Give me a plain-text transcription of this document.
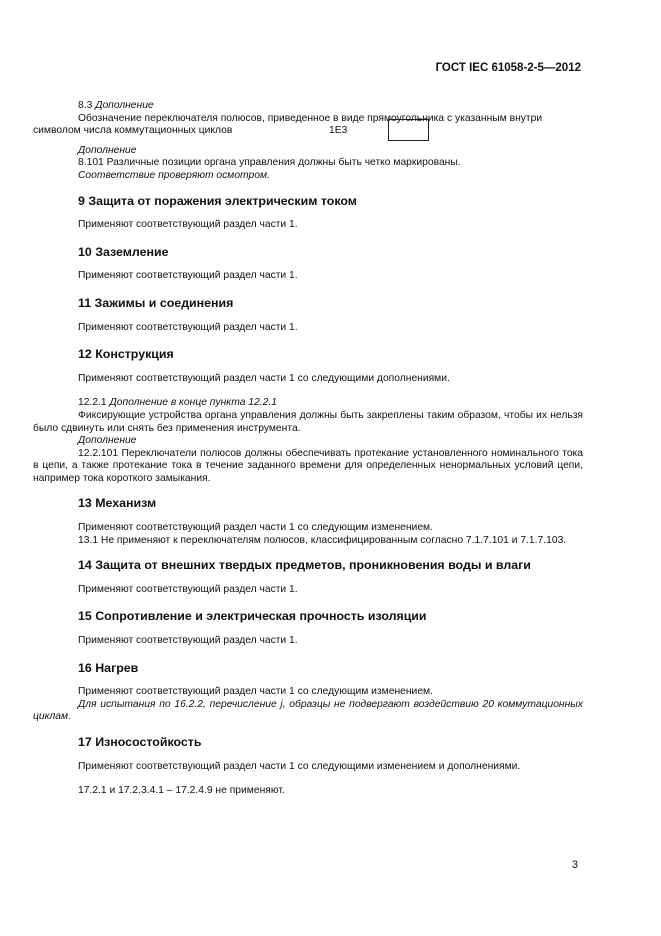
ГОСТ IEC 61058-2-5—2012

8.3 Дополнение

Обозначение переключателя полюсов, приведенное в виде прямоугольника с указанным внутри

символом числа коммутационных циклов	1Е3

Дополнение

8.101 Различные позиции органа управления должны быть четко маркированы.

Соответствие проверяют осмотром.

9 Защита от поражения электрическим током

Применяют соответствующий раздел части 1.

10 Заземление

Применяют соответствующий раздел части 1.

11 Зажимы и соединения

Применяют соответствующий раздел части 1.

12 Конструкция

Применяют соответствующий раздел части 1 со следующими дополнениями.

12.2.1 Дополнение в конце пункта 12.2.1

Фиксирующие устройства органа управления должны быть закреплены таким образом, чтобы их нельзя было сдвинуть или снять без применения инструмента.

Дополнение

12.2.101 Переключатели полюсов должны обеспечивать протекание установленного номинального тока в цепи, а также протекание тока в течение заданного времени для определенных ненормальных условий цепи, например тока короткого замыкания.

13 Механизм

Применяют соответствующий раздел части 1 со следующим изменением.

13.1 Не применяют к переключателям полюсов, классифицированным согласно 7.1.7.101 и 7.1.7.103.

14 Защита от внешних твердых предметов, проникновения воды и влаги

Применяют соответствующий раздел части 1.

15 Сопротивление и электрическая прочность изоляции

Применяют соответствующий раздел части 1.

16 Нагрев

Применяют соответствующий раздел части 1 со следующим изменением.

Для испытания по 16.2.2, перечисление j, образцы не подвергают воздействию 20 коммутационных циклам.

17 Износостойкость

Применяют соответствующий раздел части 1 со следующими изменением и дополнениями.

17.2.1 и 17.2.3.4.1 – 17.2.4.9 не применяют.

3
